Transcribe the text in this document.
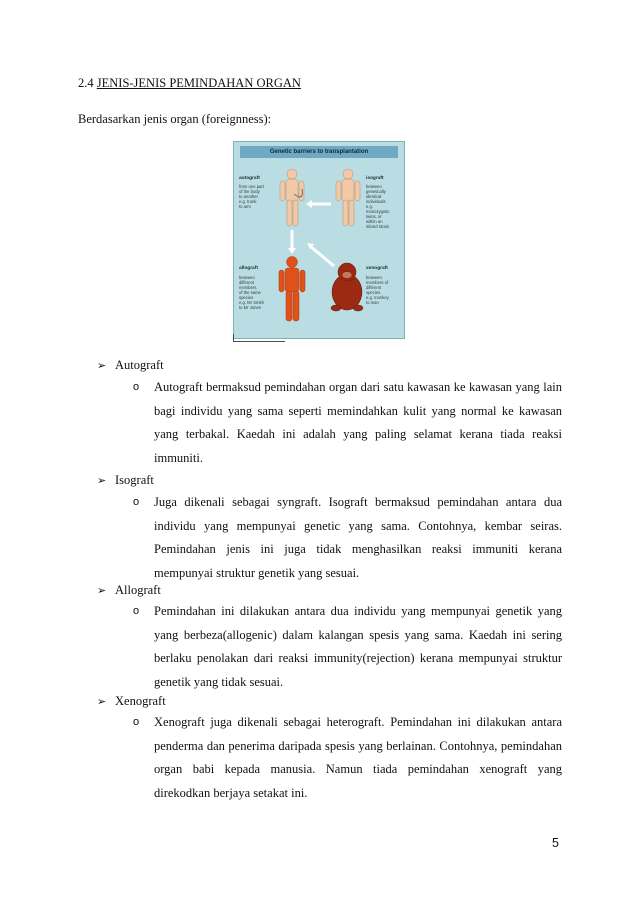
2.4 JENIS-JENIS PEMINDAHAN ORGAN
Berdasarkan jenis organ (foreignness):
Genetic barriers to transplantation
autograft
from one part
of the body
to another
e.g. trunk
to arm
isograft
between
genetically
identical
individuals
e.g.
monozygotic
twins, or
within an
inbred strain
allograft
between
different
members
of the same
species
e.g. Mr Smith
to Mr Jones
xenograft
between
members of
different
species
e.g. monkey
to man
➢ Autograft
o Autograft bermaksud pemindahan organ dari satu kawasan ke kawasan yang lain bagi individu yang sama seperti memindahkan kulit yang normal ke kawasan yang terbakal. Kaedah ini adalah yang paling selamat kerana tiada reaksi immuniti.
➢ Isograft
o Juga dikenali sebagai syngraft. Isograft bermaksud pemindahan antara dua individu yang mempunyai genetic yang sama. Contohnya, kembar seiras. Pemindahan jenis ini juga tidak menghasilkan reaksi immuniti kerana mempunyai struktur genetik yang sesuai.
➢ Allograft
o Pemindahan ini dilakukan antara dua individu yang mempunyai genetik yang yang berbeza(allogenic) dalam kalangan spesis yang sama. Kaedah ini sering berlaku penolakan dari reaksi immunity(rejection) kerana mempunyai struktur genetik yang tidak sesuai.
➢ Xenograft
o Xenograft juga dikenali sebagai heterograft. Pemindahan ini dilakukan antara penderma dan penerima daripada spesis yang berlainan. Contohnya, pemindahan organ babi kepada manusia. Namun tiada pemindahan xenograft yang direkodkan berjaya setakat ini.
5
